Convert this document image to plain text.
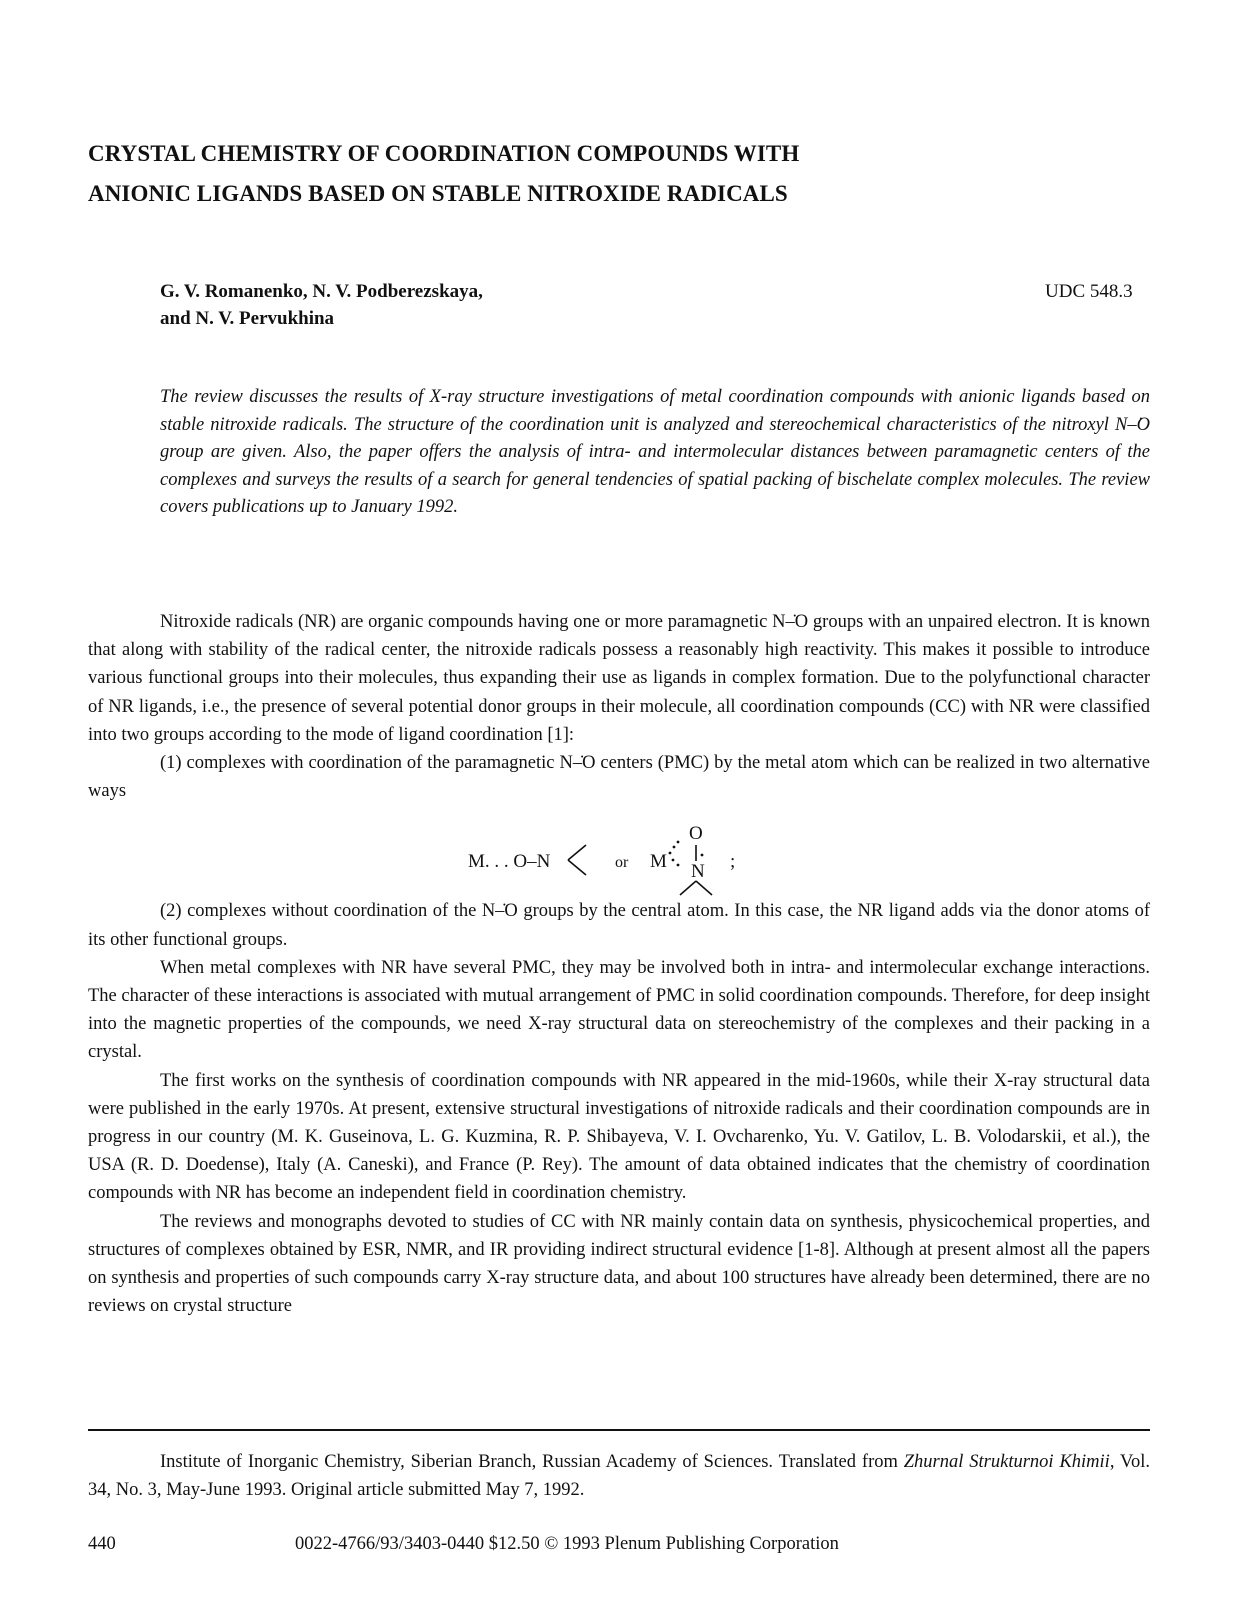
CRYSTAL CHEMISTRY OF COORDINATION COMPOUNDS WITH ANIONIC LIGANDS BASED ON STABLE NITROXIDE RADICALS
G. V. Romanenko, N. V. Podberezskaya,
and N. V. Pervukhina
UDC 548.3
The review discusses the results of X-ray structure investigations of metal coordination compounds with anionic ligands based on stable nitroxide radicals. The structure of the coordination unit is analyzed and stereochemical characteristics of the nitroxyl N–̇O group are given. Also, the paper offers the analysis of intra- and intermolecular distances between paramagnetic centers of the complexes and surveys the results of a search for general tendencies of spatial packing of bischelate complex molecules. The review covers publications up to January 1992.

Nitroxide radicals (NR) are organic compounds having one or more paramagnetic N–̇O groups with an unpaired electron. It is known that along with stability of the radical center, the nitroxide radicals possess a reasonably high reactivity. This makes it possible to introduce various functional groups into their molecules, thus expanding their use as ligands in complex formation. Due to the polyfunctional character of NR ligands, i.e., the presence of several potential donor groups in their molecule, all coordination compounds (CC) with NR were classified into two groups according to the mode of ligand coordination [1]:

(1) complexes with coordination of the paramagnetic N–̇O centers (PMC) by the metal atom which can be realized in two alternative ways

M. . . O–N	or M
O
N ;

(2) complexes without coordination of the N–̇O groups by the central atom. In this case, the NR ligand adds via the donor atoms of its other functional groups.

When metal complexes with NR have several PMC, they may be involved both in intra- and intermolecular exchange interactions. The character of these interactions is associated with mutual arrangement of PMC in solid coordination compounds. Therefore, for deep insight into the magnetic properties of the compounds, we need X-ray structural data on stereochemistry of the complexes and their packing in a crystal.

The first works on the synthesis of coordination compounds with NR appeared in the mid-1960s, while their X-ray structural data were published in the early 1970s. At present, extensive structural investigations of nitroxide radicals and their coordination compounds are in progress in our country (M. K. Guseinova, L. G. Kuzmina, R. P. Shibayeva, V. I. Ovcharenko, Yu. V. Gatilov, L. B. Volodarskii, et al.), the USA (R. D. Doedense), Italy (A. Caneski), and France (P. Rey). The amount of data obtained indicates that the chemistry of coordination compounds with NR has become an independent field in coordination chemistry.

The reviews and monographs devoted to studies of CC with NR mainly contain data on synthesis, physicochemical properties, and structures of complexes obtained by ESR, NMR, and IR providing indirect structural evidence [1-8]. Although at present almost all the papers on synthesis and properties of such compounds carry X-ray structure data, and about 100 structures have already been determined, there are no reviews on crystal structure

Institute of Inorganic Chemistry, Siberian Branch, Russian Academy of Sciences. Translated from Zhurnal Strukturnoi Khimii, Vol. 34, No. 3, May-June 1993. Original article submitted May 7, 1992.
440	0022-4766/93/3403-0440 $12.50 © 1993 Plenum Publishing Corporation
